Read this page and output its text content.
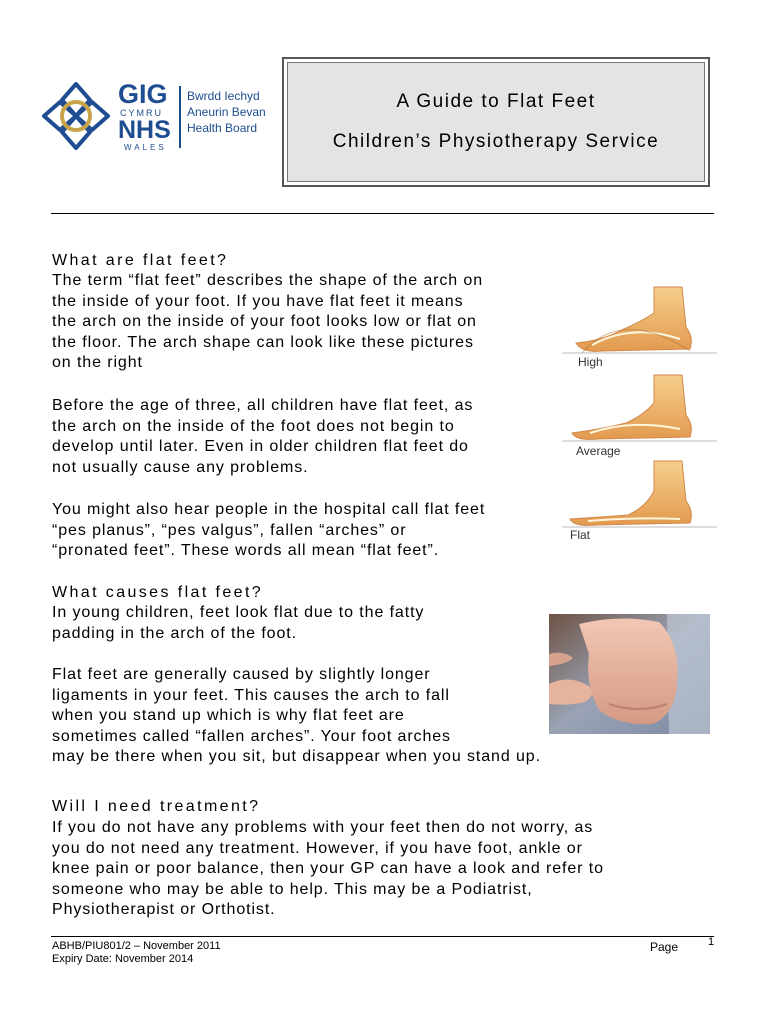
GIG
CYMRU
NHS
WALES
Bwrdd Iechyd
Aneurin Bevan
Health Board
A Guide to Flat Feet
Children’s Physiotherapy Service
What are flat feet?
The term “flat feet” describes the shape of the arch on
the inside of your foot. If you have flat feet it means
the arch on the inside of your foot looks low or flat on
the floor. The arch shape can look like these pictures
on the right
Before the age of three, all children have flat feet, as
the arch on the inside of the foot does not begin to
develop until later. Even in older children flat feet do
not usually cause any problems.
You might also hear people in the hospital call flat feet
“pes planus”, “pes valgus”, fallen “arches” or
“pronated feet”. These words all mean “flat feet”.
What causes flat feet?
In young children, feet look flat due to the fatty
padding in the arch of the foot.
Flat feet are generally caused by slightly longer
ligaments in your feet. This causes the arch to fall
when you stand up which is why flat feet are
sometimes called “fallen arches”. Your foot arches
may be there when you sit, but disappear when you stand up.
Will I need treatment?
If you do not have any problems with your feet then do not worry, as
you do not need any treatment. However, if you have foot, ankle or
knee pain or poor balance, then your GP can have a look and refer to
someone who may be able to help. This may be a Podiatrist,
Physiotherapist or Orthotist.
High
Average
Flat
ABHB/PIU801/2 – November 2011
Expiry Date: November 2014
Page	1
